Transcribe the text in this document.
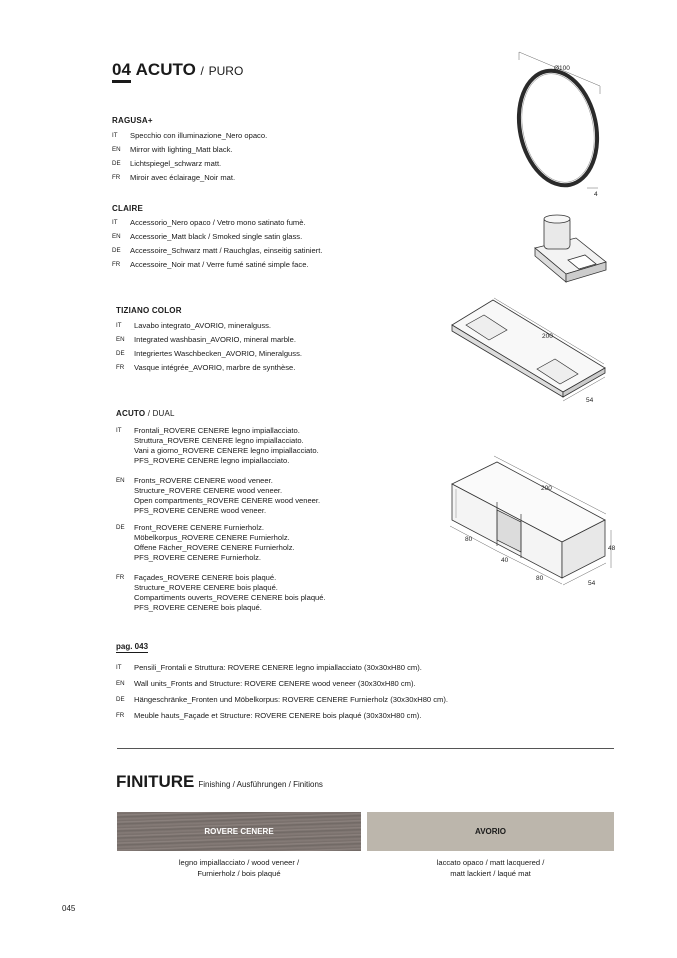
04 ACUTO / PURO
RAGUSA+
IT Specchio con illuminazione_Nero opaco.
EN Mirror with lighting_Matt black.
DE Lichtspiegel_schwarz matt.
FR Miroir avec éclairage_Noir mat.
CLAIRE
IT Accessorio_Nero opaco / Vetro mono satinato fumè.
EN Accessorie_Matt black / Smoked single satin glass.
DE Accessoire_Schwarz matt / Rauchglas, einseitig satiniert.
FR Accessoire_Noir mat / Verre fumé satiné simple face.
TIZIANO COLOR
IT Lavabo integrato_AVORIO, mineralguss.
EN Integrated washbasin_AVORIO, mineral marble.
DE Integriertes Waschbecken_AVORIO, Mineralguss.
FR Vasque intégrée_AVORIO, marbre de synthèse.
ACUTO / DUAL
IT Frontali_ROVERE CENERE legno impiallacciato.
Struttura_ROVERE CENERE legno impiallacciato.
Vani a giorno_ROVERE CENERE legno impiallacciato.
PFS_ROVERE CENERE legno impiallacciato.
EN Fronts_ROVERE CENERE wood veneer.
Structure_ROVERE CENERE wood veneer.
Open compartments_ROVERE CENERE wood veneer.
PFS_ROVERE CENERE wood veneer.
DE Front_ROVERE CENERE Furnierholz.
Möbelkorpus_ROVERE CENERE Furnierholz.
Offene Fächer_ROVERE CENERE Furnierholz.
PFS_ROVERE CENERE Furnierholz.
FR Façades_ROVERE CENERE bois plaqué.
Structure_ROVERE CENERE bois plaqué.
Compartiments ouverts_ROVERE CENERE bois plaqué.
PFS_ROVERE CENERE bois plaqué.
pag. 043
IT Pensili_Frontali e Struttura: ROVERE CENERE legno impiallacciato (30x30xH80 cm).
EN Wall units_Fronts and Structure: ROVERE CENERE wood veneer (30x30xH80 cm).
DE Hängeschränke_Fronten und Möbelkorpus: ROVERE CENERE Furnierholz (30x30xH80 cm).
FR Meuble hauts_Façade et Structure: ROVERE CENERE bois plaqué (30x30xH80 cm).
FINITURE Finishing / Ausführungen / Finitions
ROVERE CENERE	AVORIO
legno impiallacciato / wood veneer /
Furnierholz / bois plaqué
laccato opaco / matt lacquered /
matt lackiert / laqué mat
045
Ø100
4
200
54
200
80
40
80
48
54
